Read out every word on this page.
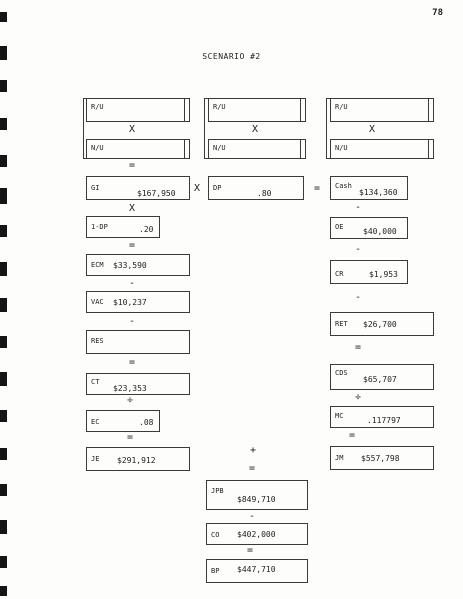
78
SCENARIO #2
R/U
X
N/U
=
GI
$167,950
X
1-DP	.20
=
ECM $33,590
-
VAC $10,237
-
RES
=
CT
$23,353
÷
EC	.08
=
JE $291,912
R/U
X
N/U
X DP
.80	=
R/U
X
N/U
Cash
$134,360
-
OE $40,000
-
CR	$1,953
-
RET $26,700
=
CDS
$65,707
÷
MC	.117797
=
JM $557,798
+
=
JPB
$849,710
-
CO $402,000
=
BP $447,710
